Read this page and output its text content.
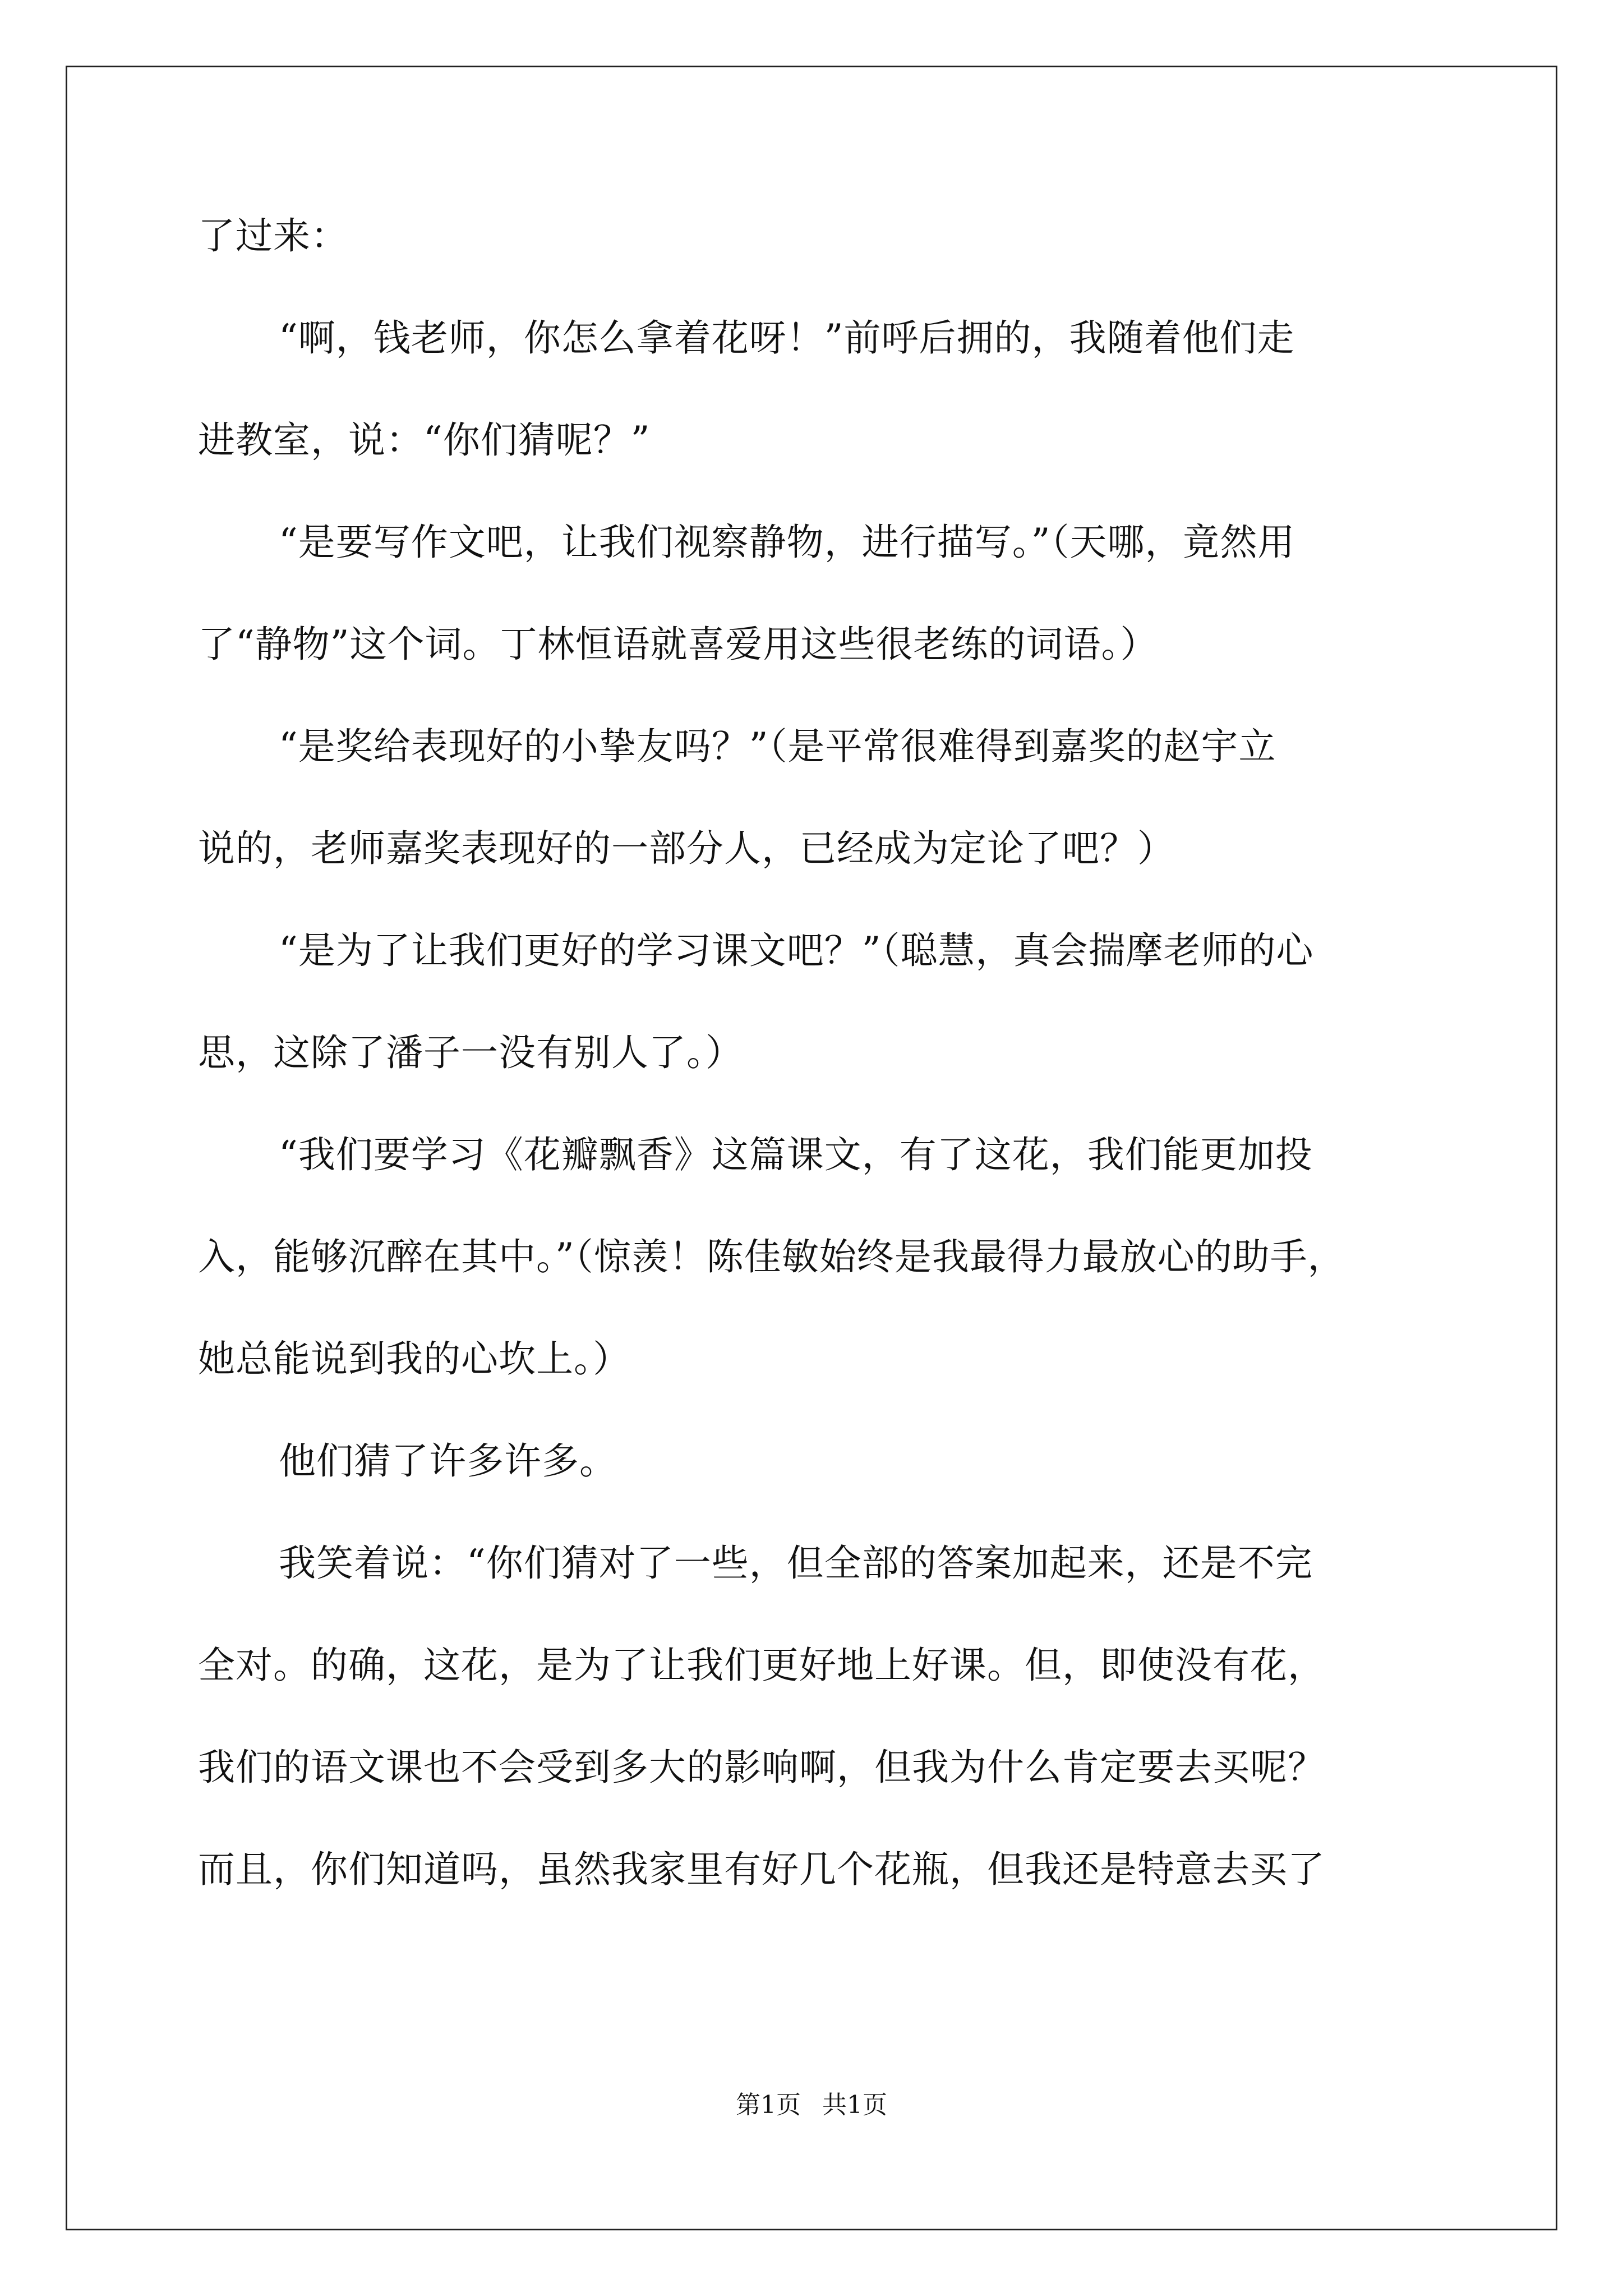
了过来：
“啊，钱老师，你怎么拿着花呀！”前呼后拥的，我随着他们走
进教室，说：“你们猜呢？”
“是要写作文吧，让我们视察静物，进行描写。”（天哪，竟然用
了“静物”这个词。丁林恒语就喜爱用这些很老练的词语。）
“是奖给表现好的小挚友吗？”（是平常很难得到嘉奖的赵宇立
说的，老师嘉奖表现好的一部分人，已经成为定论了吧？）
“是为了让我们更好的学习课文吧？”（聪慧，真会揣摩老师的心
思，这除了潘子一没有别人了。）
“我们要学习《花瓣飘香》这篇课文，有了这花，我们能更加投
入，能够沉醉在其中。”（惊羡！陈佳敏始终是我最得力最放心的助手，
她总能说到我的心坎上。）
他们猜了许多许多。
我笑着说：“你们猜对了一些，但全部的答案加起来，还是不完
全对。的确，这花，是为了让我们更好地上好课。但，即使没有花，
我们的语文课也不会受到多大的影响啊，但我为什么肯定要去买呢？
而且，你们知道吗，虽然我家里有好几个花瓶，但我还是特意去买了
第1页 共1页
